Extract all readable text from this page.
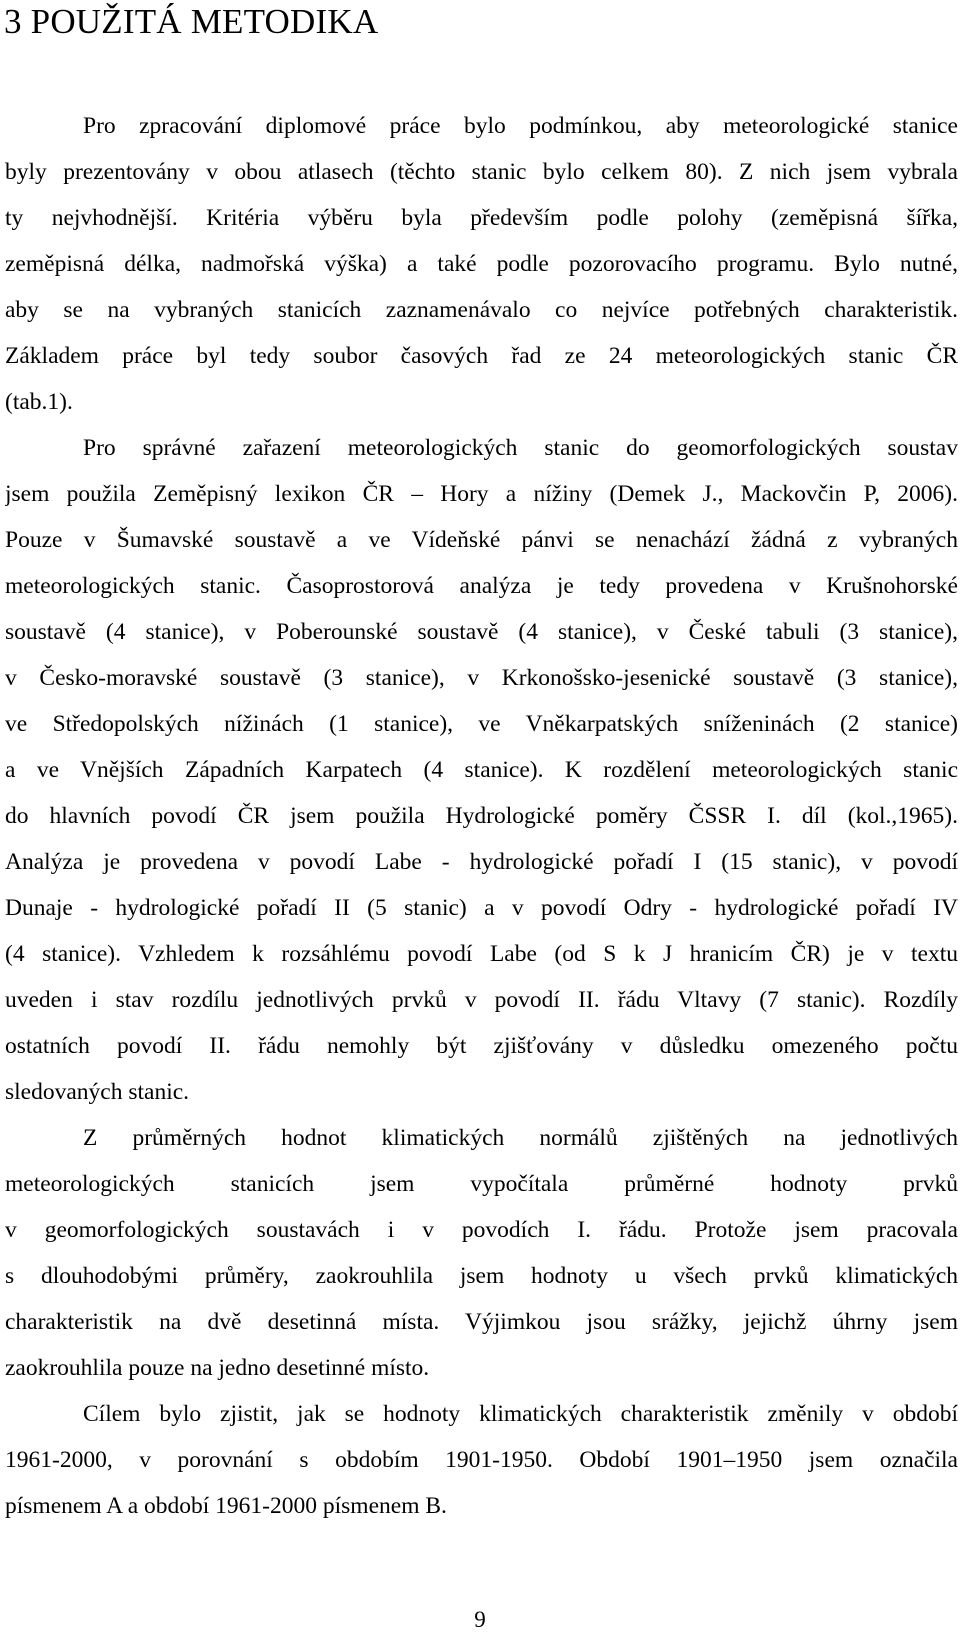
3 POUŽITÁ METODIKA
Pro zpracování diplomové práce bylo podmínkou, aby meteorologické stanice
byly prezentovány v obou atlasech (těchto stanic bylo celkem 80). Z nich jsem vybrala
ty nejvhodnější. Kritéria výběru byla především podle polohy (zeměpisná šířka,
zeměpisná délka, nadmořská výška) a také podle pozorovacího programu. Bylo nutné,
aby se na vybraných stanicích zaznamenávalo co nejvíce potřebných charakteristik.
Základem práce byl tedy soubor časových řad ze 24 meteorologických stanic ČR
(tab.1).
Pro správné zařazení meteorologických stanic do geomorfologických soustav
jsem použila Zeměpisný lexikon ČR – Hory a nížiny (Demek J., Mackovčin P, 2006).
Pouze v Šumavské soustavě a ve Vídeňské pánvi se nenachází žádná z vybraných
meteorologických stanic. Časoprostorová analýza je tedy provedena v Krušnohorské
soustavě (4 stanice), v Poberounské soustavě (4 stanice), v České tabuli (3 stanice),
v Česko-moravské soustavě (3 stanice), v Krkonošsko-jesenické soustavě (3 stanice),
ve Středopolských nížinách (1 stanice), ve Vněkarpatských sníženinách (2 stanice)
a ve Vnějších Západních Karpatech (4 stanice). K rozdělení meteorologických stanic
do hlavních povodí ČR jsem použila Hydrologické poměry ČSSR I. díl (kol.,1965).
Analýza je provedena v povodí Labe - hydrologické pořadí I (15 stanic), v povodí
Dunaje - hydrologické pořadí II (5 stanic) a v povodí Odry - hydrologické pořadí IV
(4 stanice). Vzhledem k rozsáhlému povodí Labe (od S k J hranicím ČR) je v textu
uveden i stav rozdílu jednotlivých prvků v povodí II. řádu Vltavy (7 stanic). Rozdíly
ostatních povodí II. řádu nemohly být zjišťovány v důsledku omezeného počtu
sledovaných stanic.
Z průměrných hodnot klimatických normálů zjištěných na jednotlivých
meteorologických stanicích jsem vypočítala průměrné hodnoty prvků
v geomorfologických soustavách i v povodích I. řádu. Protože jsem pracovala
s dlouhodobými průměry, zaokrouhlila jsem hodnoty u všech prvků klimatických
charakteristik na dvě desetinná místa. Výjimkou jsou srážky, jejichž úhrny jsem
zaokrouhlila pouze na jedno desetinné místo.
Cílem bylo zjistit, jak se hodnoty klimatických charakteristik změnily v období
1961-2000, v porovnání s obdobím 1901-1950. Období 1901–1950 jsem označila
písmenem A a období 1961-2000 písmenem B.
9
